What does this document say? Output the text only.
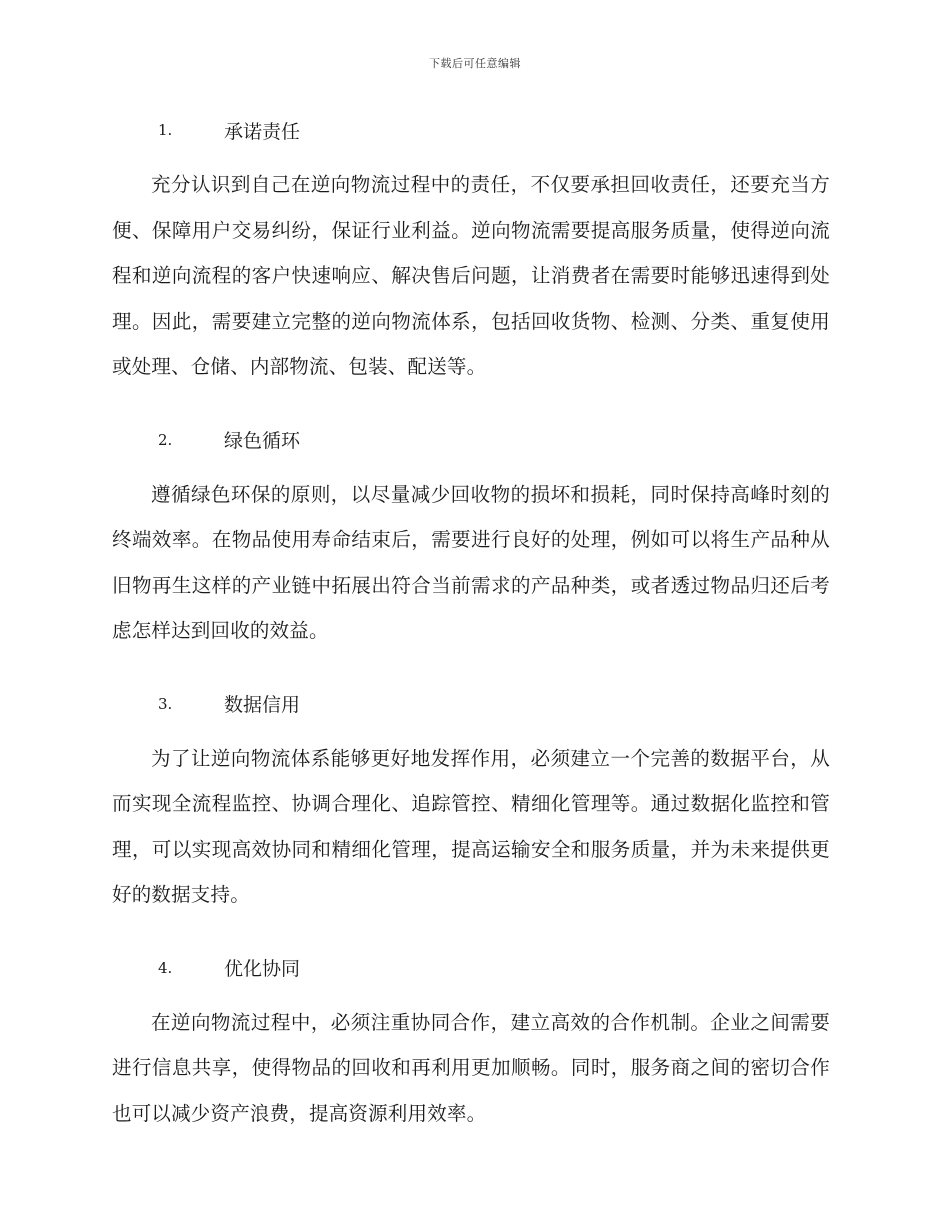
下载后可任意编辑
1.	承诺责任

充分认识到自己在逆向物流过程中的责任，不仅要承担回收责任，还要充当方便、保障用户交易纠纷，保证行业利益。逆向物流需要提高服务质量，使得逆向流程和逆向流程的客户快速响应、解决售后问题，让消费者在需要时能够迅速得到处理。因此，需要建立完整的逆向物流体系，包括回收货物、检测、分类、重复使用或处理、仓储、内部物流、包装、配送等。

2.	绿色循环

遵循绿色环保的原则，以尽量减少回收物的损坏和损耗，同时保持高峰时刻的终端效率。在物品使用寿命结束后，需要进行良好的处理，例如可以将生产品种从旧物再生这样的产业链中拓展出符合当前需求的产品种类，或者透过物品归还后考虑怎样达到回收的效益。

3.	数据信用

为了让逆向物流体系能够更好地发挥作用，必须建立一个完善的数据平台，从而实现全流程监控、协调合理化、追踪管控、精细化管理等。通过数据化监控和管理，可以实现高效协同和精细化管理，提高运输安全和服务质量，并为未来提供更好的数据支持。

4.	优化协同

在逆向物流过程中，必须注重协同合作，建立高效的合作机制。企业之间需要进行信息共享，使得物品的回收和再利用更加顺畅。同时，服务商之间的密切合作也可以减少资产浪费，提高资源利用效率。
